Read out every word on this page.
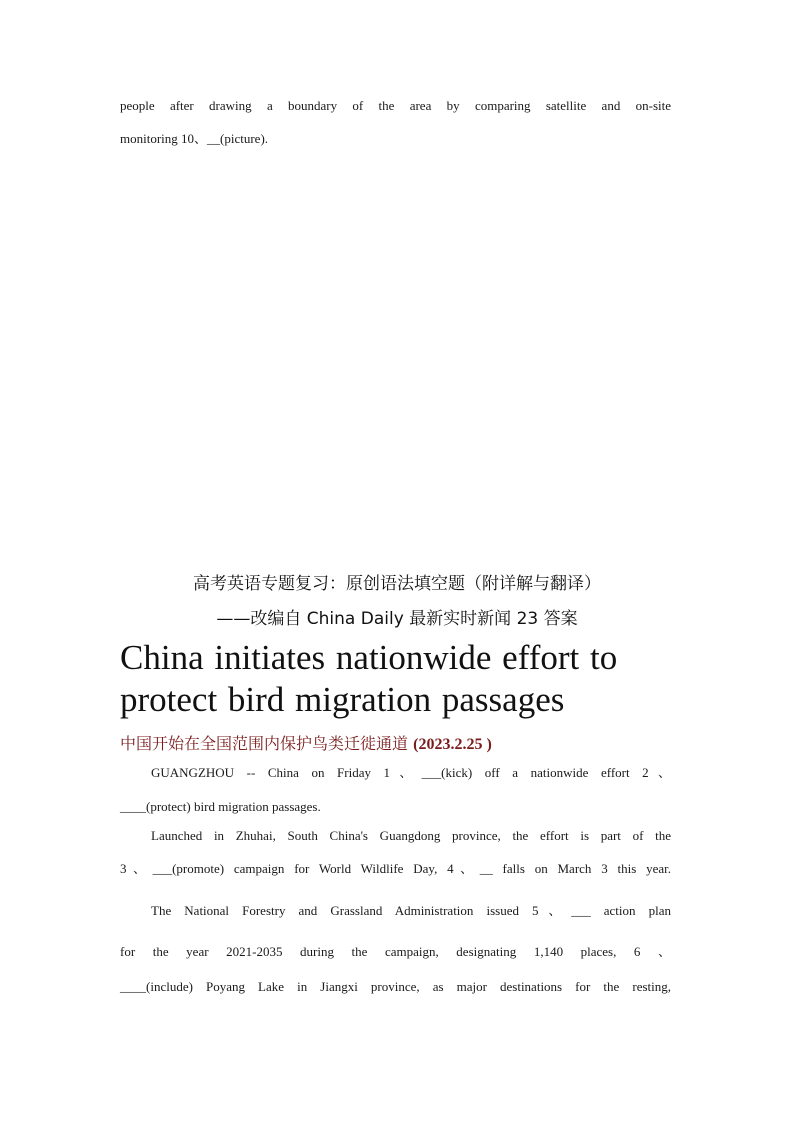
people after drawing a boundary of the area by comparing satellite and on-site
monitoring 10、__(picture).
高考英语专题复习：原创语法填空题（附详解与翻译）
——改编自 China Daily 最新实时新闻 23 答案
China initiates nationwide effort to
protect bird migration passages
中国开始在全国范围内保护鸟类迁徙通道 (2023.2.25 )
GUANGZHOU -- China on Friday 1、___(kick) off a nationwide effort 2、
____(protect) bird migration passages.
Launched in Zhuhai, South China's Guangdong province, the effort is part of the
3、___(promote) campaign for World Wildlife Day, 4、__ falls on March 3 this year.
The National Forestry and Grassland Administration issued 5、___ action plan
for the year 2021-2035 during the campaign, designating 1,140 places, 6 、
____(include) Poyang Lake in Jiangxi province, as major destinations for the resting,
